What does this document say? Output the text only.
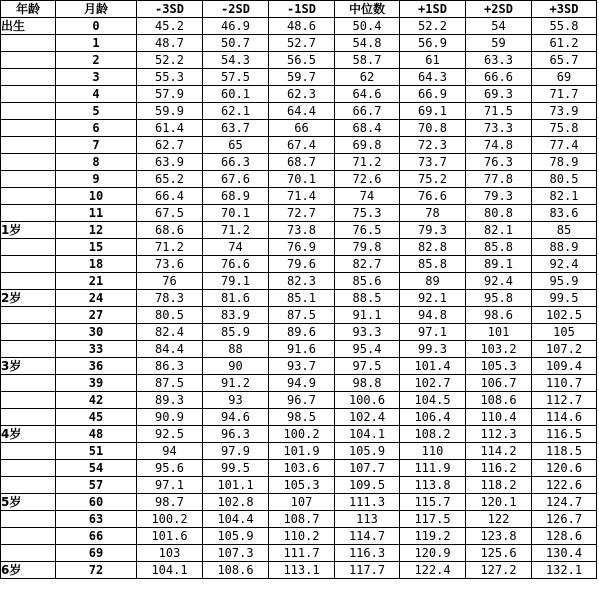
年龄	月龄	-3SD	-2SD	-1SD	中位数	+1SD	+2SD	+3SD
出生	0	45.2	46.9	48.6	50.4	52.2	54	55.8
	1	48.7	50.7	52.7	54.8	56.9	59	61.2
	2	52.2	54.3	56.5	58.7	61	63.3	65.7
	3	55.3	57.5	59.7	62	64.3	66.6	69
	4	57.9	60.1	62.3	64.6	66.9	69.3	71.7
	5	59.9	62.1	64.4	66.7	69.1	71.5	73.9
	6	61.4	63.7	66	68.4	70.8	73.3	75.8
	7	62.7	65	67.4	69.8	72.3	74.8	77.4
	8	63.9	66.3	68.7	71.2	73.7	76.3	78.9
	9	65.2	67.6	70.1	72.6	75.2	77.8	80.5
	10	66.4	68.9	71.4	74	76.6	79.3	82.1
	11	67.5	70.1	72.7	75.3	78	80.8	83.6
1岁	12	68.6	71.2	73.8	76.5	79.3	82.1	85
	15	71.2	74	76.9	79.8	82.8	85.8	88.9
	18	73.6	76.6	79.6	82.7	85.8	89.1	92.4
	21	76	79.1	82.3	85.6	89	92.4	95.9
2岁	24	78.3	81.6	85.1	88.5	92.1	95.8	99.5
	27	80.5	83.9	87.5	91.1	94.8	98.6	102.5
	30	82.4	85.9	89.6	93.3	97.1	101	105
	33	84.4	88	91.6	95.4	99.3	103.2	107.2
3岁	36	86.3	90	93.7	97.5	101.4	105.3	109.4
	39	87.5	91.2	94.9	98.8	102.7	106.7	110.7
	42	89.3	93	96.7	100.6	104.5	108.6	112.7
	45	90.9	94.6	98.5	102.4	106.4	110.4	114.6
4岁	48	92.5	96.3	100.2	104.1	108.2	112.3	116.5
	51	94	97.9	101.9	105.9	110	114.2	118.5
	54	95.6	99.5	103.6	107.7	111.9	116.2	120.6
	57	97.1	101.1	105.3	109.5	113.8	118.2	122.6
5岁	60	98.7	102.8	107	111.3	115.7	120.1	124.7
	63	100.2	104.4	108.7	113	117.5	122	126.7
	66	101.6	105.9	110.2	114.7	119.2	123.8	128.6
	69	103	107.3	111.7	116.3	120.9	125.6	130.4
6岁	72	104.1	108.6	113.1	117.7	122.4	127.2	132.1
